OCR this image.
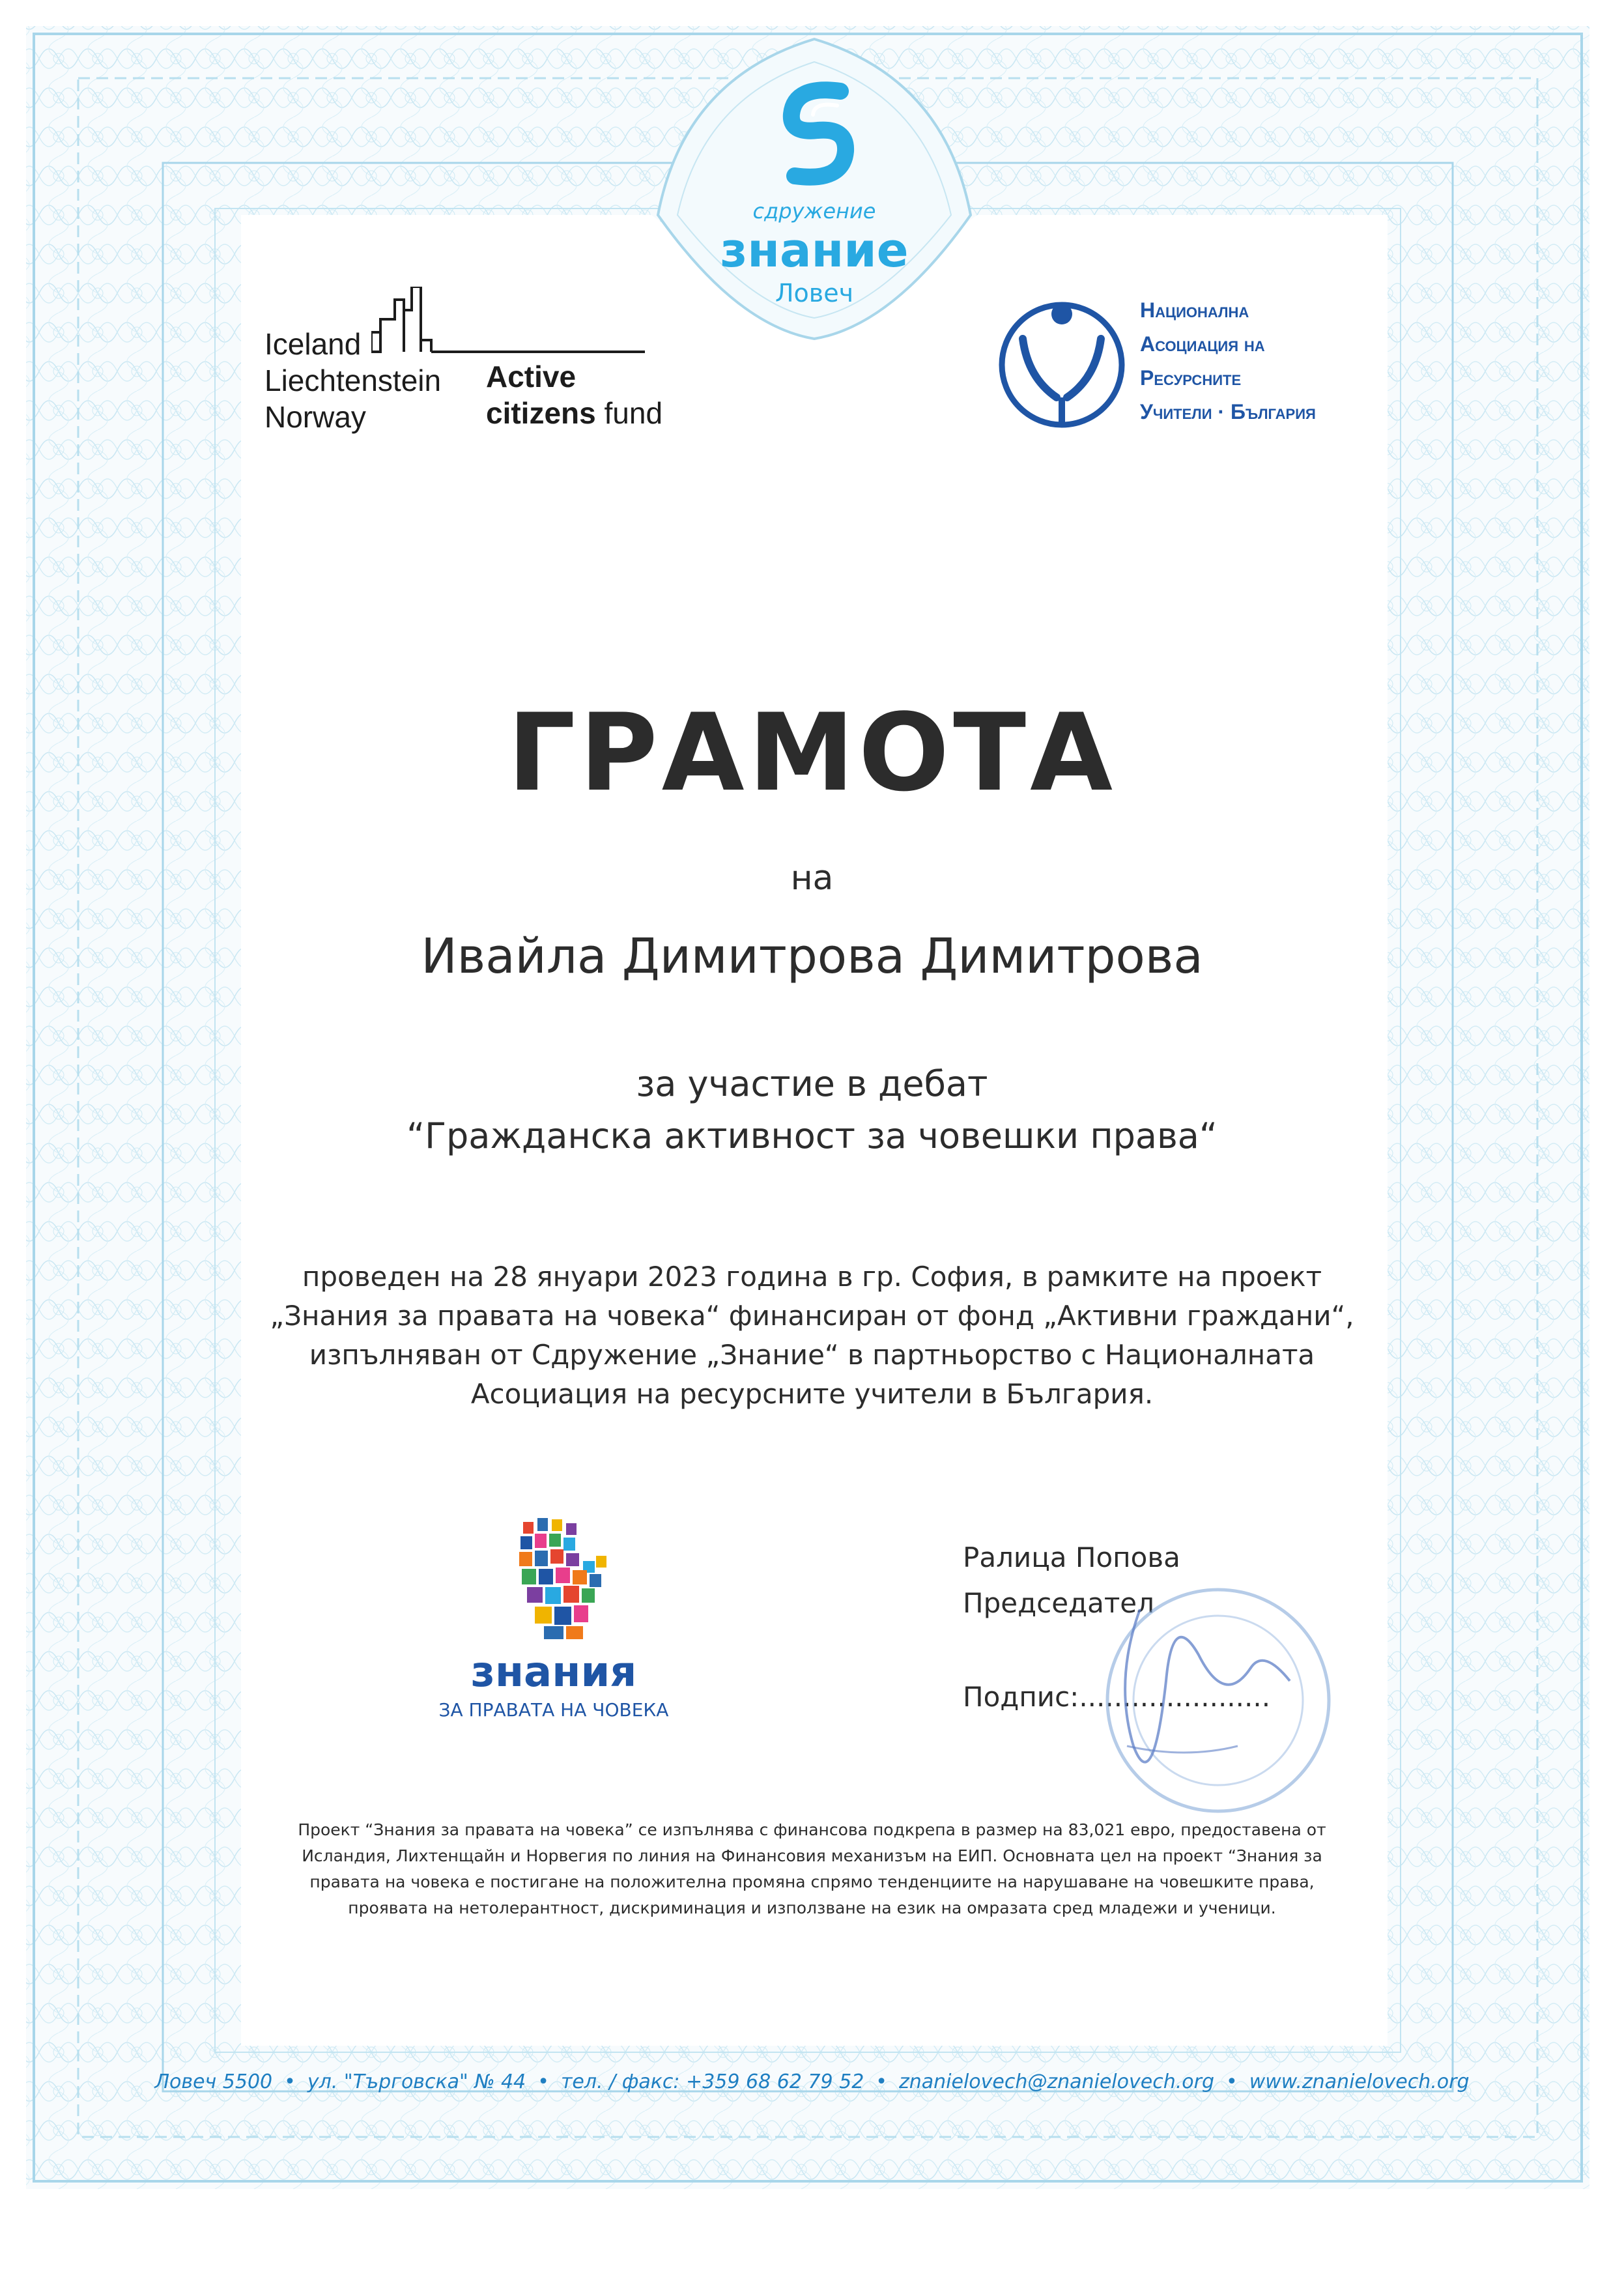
Iceland
Liechtenstein
Norway
Active
citizens fund
сдружение
знание
Ловеч
Национална
Асоциация на
Ресурсните
Учители · България
ГРАМОТА
на
Ивайла Димитрова Димитрова
за участие в дебат
“Гражданска активност за човешки права“
проведен на 28 януари 2023 година в гр. София, в рамките на проект
„Знания за правата на човека“ финансиран от фонд „Активни граждани“,
изпълняван от Сдружение „Знание“ в партньорство с Националната
Асоциация на ресурсните учители в България.
знания
ЗА ПРАВАТА НА ЧОВЕКА
Ралица Попова
Председател
Подпис:......................
Проект “Знания за правата на човека” се изпълнява с финансова подкрепа в размер на 83,021 евро, предоставена от
Исландия, Лихтенщайн и Норвегия по линия на Финансовия механизъм на ЕИП. Основната цел на проект “Знания за
правата на човека е постигане на положителна промяна спрямо тенденциите на нарушаване на човешките права,
проявата на нетолерантност, дискриминация и използване на език на омразата сред младежи и ученици.
Ловеч 5500 • ул. "Търговска" № 44 • тел. / факс: +359 68 62 79 52 • znanielovech@znanielovech.org • www.znanielovech.org
